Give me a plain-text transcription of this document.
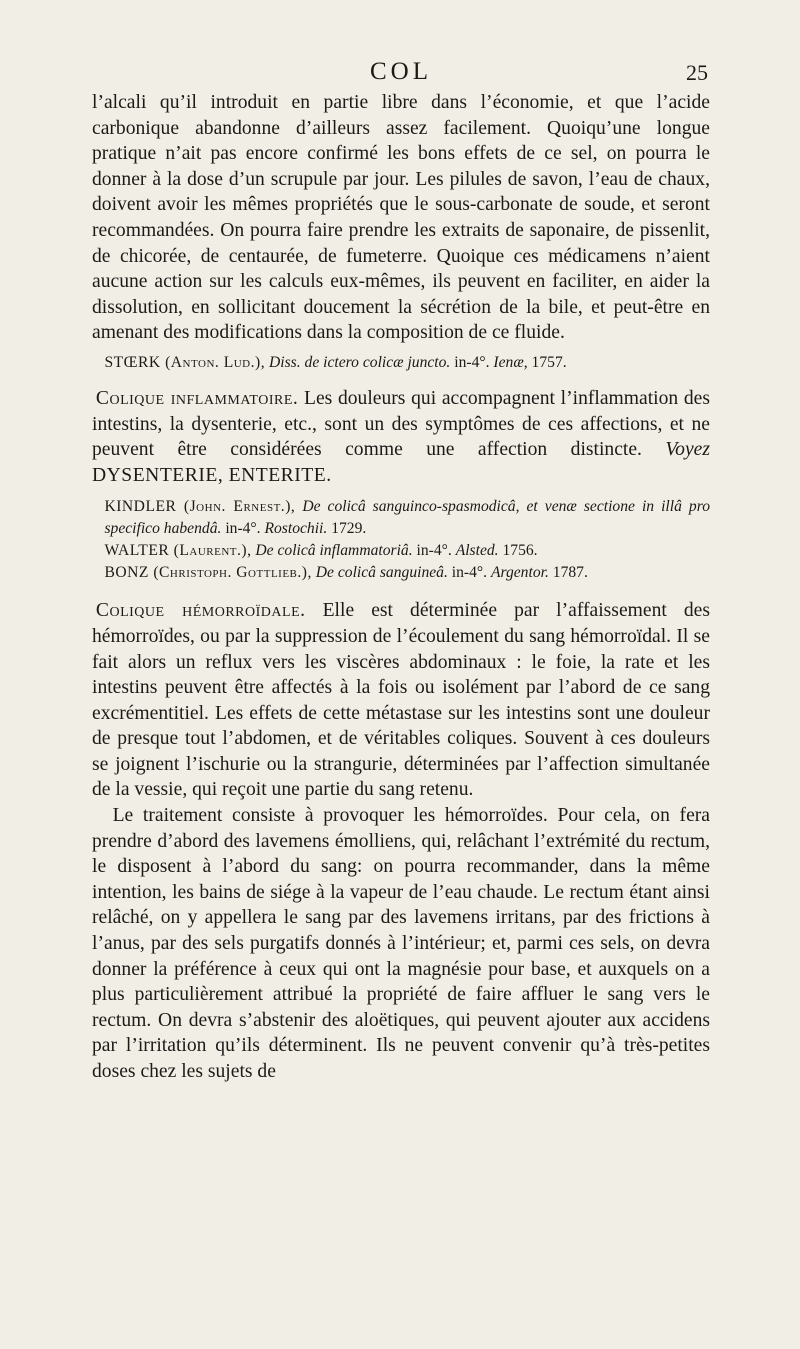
COL	25

l’alcali qu’il introduit en partie libre dans l’économie, et que l’acide carbonique abandonne d’ailleurs assez facilement. Quoiqu’une longue pratique n’ait pas encore confirmé les bons effets de ce sel, on pourra le donner à la dose d’un scrupule par jour. Les pilules de savon, l’eau de chaux, doivent avoir les mêmes propriétés que le sous-carbonate de soude, et seront recommandées. On pourra faire prendre les extraits de saponaire, de pissenlit, de chicorée, de centaurée, de fumeterre. Quoique ces médicamens n’aient aucune action sur les calculs eux-mêmes, ils peuvent en faciliter, en aider la dissolution, en sollicitant doucement la sécrétion de la bile, et peut-être en amenant des modifications dans la composition de ce fluide.

STŒRK (Anton. Lud.), Diss. de ictero colicæ juncto. in-4°. Ienæ, 1757.

Colique inflammatoire. Les douleurs qui accompagnent l’inflammation des intestins, la dysenterie, etc., sont un des symptômes de ces affections, et ne peuvent être considérées comme une affection distincte. Voyez DYSENTERIE, ENTERITE.

KINDLER (John. Ernest.), De colicâ sanguinco-spasmodicâ, et venæ sectione in illâ pro specifico habendâ. in-4°. Rostochii. 1729.

WALTER (Laurent.), De colicâ inflammatoriâ. in-4°. Alsted. 1756.

BONZ (Christoph. Gottlieb.), De colicâ sanguineâ. in-4°. Argentor. 1787.

Colique hémorroïdale. Elle est déterminée par l’affaissement des hémorroïdes, ou par la suppression de l’écoulement du sang hémorroïdal. Il se fait alors un reflux vers les viscères abdominaux : le foie, la rate et les intestins peuvent être affectés à la fois ou isolément par l’abord de ce sang excrémentitiel. Les effets de cette métastase sur les intestins sont une douleur de presque tout l’abdomen, et de véritables coliques. Souvent à ces douleurs se joignent l’ischurie ou la strangurie, déterminées par l’affection simultanée de la vessie, qui reçoit une partie du sang retenu.

Le traitement consiste à provoquer les hémorroïdes. Pour cela, on fera prendre d’abord des lavemens émolliens, qui, relâchant l’extrémité du rectum, le disposent à l’abord du sang: on pourra recommander, dans la même intention, les bains de siége à la vapeur de l’eau chaude. Le rectum étant ainsi relâché, on y appellera le sang par des lavemens irritans, par des frictions à l’anus, par des sels purgatifs donnés à l’intérieur; et, parmi ces sels, on devra donner la préférence à ceux qui ont la magnésie pour base, et auxquels on a plus particulièrement attribué la propriété de faire affluer le sang vers le rectum. On devra s’abstenir des aloëtiques, qui peuvent ajouter aux accidens par l’irritation qu’ils déterminent. Ils ne peuvent convenir qu’à très-petites doses chez les sujets de
